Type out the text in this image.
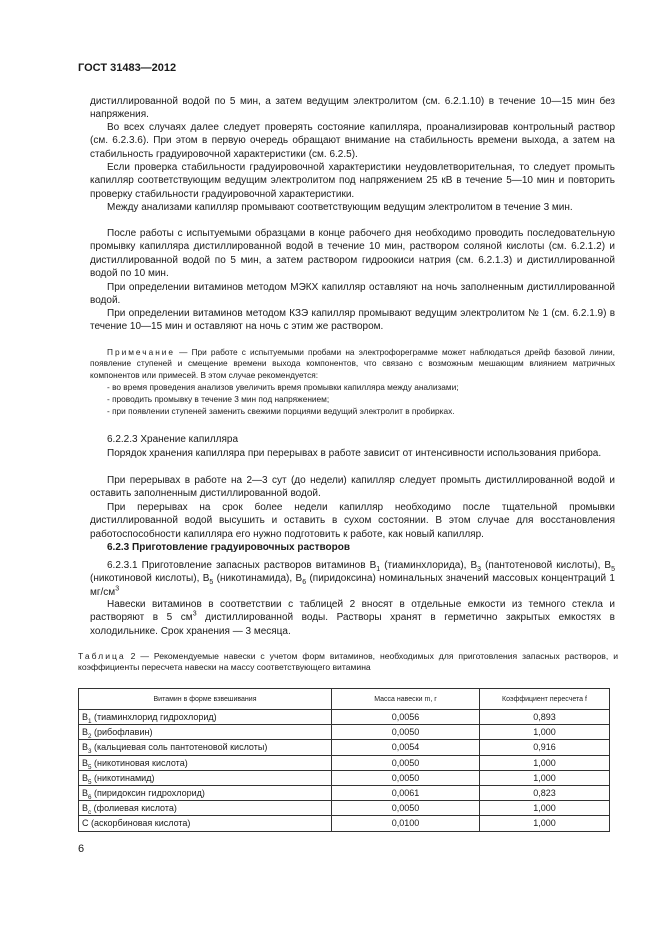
ГОСТ 31483—2012

дистиллированной водой по 5 мин, а затем ведущим электролитом (см. 6.2.1.10) в течение 10—15 мин без напряжения.

Во всех случаях далее следует проверять состояние капилляра, проанализировав контрольный раствор (см. 6.2.3.6). При этом в первую очередь обращают внимание на стабильность времени выхода, а затем на стабильность градуировочной характеристики (см. 6.2.5).

Если проверка стабильности градуировочной характеристики неудовлетворительная, то следует промыть капилляр соответствующим ведущим электролитом под напряжением 25 кВ в течение 5—10 мин и повторить проверку стабильности градуировочной характеристики.

Между анализами капилляр промывают соответствующим ведущим электролитом в течение 3 мин.

После работы с испытуемыми образцами в конце рабочего дня необходимо проводить последовательную промывку капилляра дистиллированной водой в течение 10 мин, раствором соляной кислоты (см. 6.2.1.2) и дистиллированной водой по 5 мин, а затем раствором гидроокиси натрия (см. 6.2.1.3) и дистиллированной водой по 10 мин.

При определении витаминов методом МЭКХ капилляр оставляют на ночь заполненным дистиллированной водой.

При определении витаминов методом КЗЭ капилляр промывают ведущим электролитом № 1 (см. 6.2.1.9) в течение 10—15 мин и оставляют на ночь с этим же раствором.

Примечание — При работе с испытуемыми пробами на электрофореграмме может наблюдаться дрейф базовой линии, появление ступеней и смещение времени выхода компонентов, что связано с возможным мешающим влиянием матричных компонентов или примесей. В этом случае рекомендуется:

- во время проведения анализов увеличить время промывки капилляра между анализами;

- проводить промывку в течение 3 мин под напряжением;

- при появлении ступеней заменить свежими порциями ведущий электролит в пробирках.

6.2.2.3 Хранение капилляра

Порядок хранения капилляра при перерывах в работе зависит от интенсивности использования прибора.

При перерывах в работе на 2—3 сут (до недели) капилляр следует промыть дистиллированной водой и оставить заполненным дистиллированной водой.

При перерывах на срок более недели капилляр необходимо после тщательной промывки дистиллированной водой высушить и оставить в сухом состоянии. В этом случае для восстановления работоспособности капилляра его нужно подготовить к работе, как новый капилляр.

6.2.3 Приготовление градуировочных растворов

6.2.3.1 Приготовление запасных растворов витаминов $В_1$ (тиаминхлорида), $В_3$ (пантотеновой кислоты), $В_5$ (никотиновой кислоты), $В_5$ (никотинамида), $В_6$ (пиридоксина) номинальных значений массовых концентраций 1 $мг/см^3$

Навески витаминов в соответствии с таблицей 2 вносят в отдельные емкости из темного стекла и растворяют в 5 $см^3$ дистиллированной воды. Растворы хранят в герметично закрытых емкостях в холодильнике. Срок хранения — 3 месяца.

Таблица 2 — Рекомендуемые навески с учетом форм витаминов, необходимых для приготовления запасных растворов, и коэффициенты пересчета навески на массу соответствующего витамина

Витамин в форме взвешивания	Масса навески m, г	Коэффициент пересчета f
$В_1$ (тиаминхлорид гидрохлорид)	0,0056	0,893
$В_2$ (рибофлавин)	0,0050	1,000
$В_3$ (кальциевая соль пантотеновой кислоты)	0,0054	0,916
$В_5$ (никотиновая кислота)	0,0050	1,000
$В_5$ (никотинамид)	0,0050	1,000
$В_6$ (пиридоксин гидрохлорид)	0,0061	0,823
$В_с$ (фолиевая кислота)	0,0050	1,000
С (аскорбиновая кислота)	0,0100	1,000
6
